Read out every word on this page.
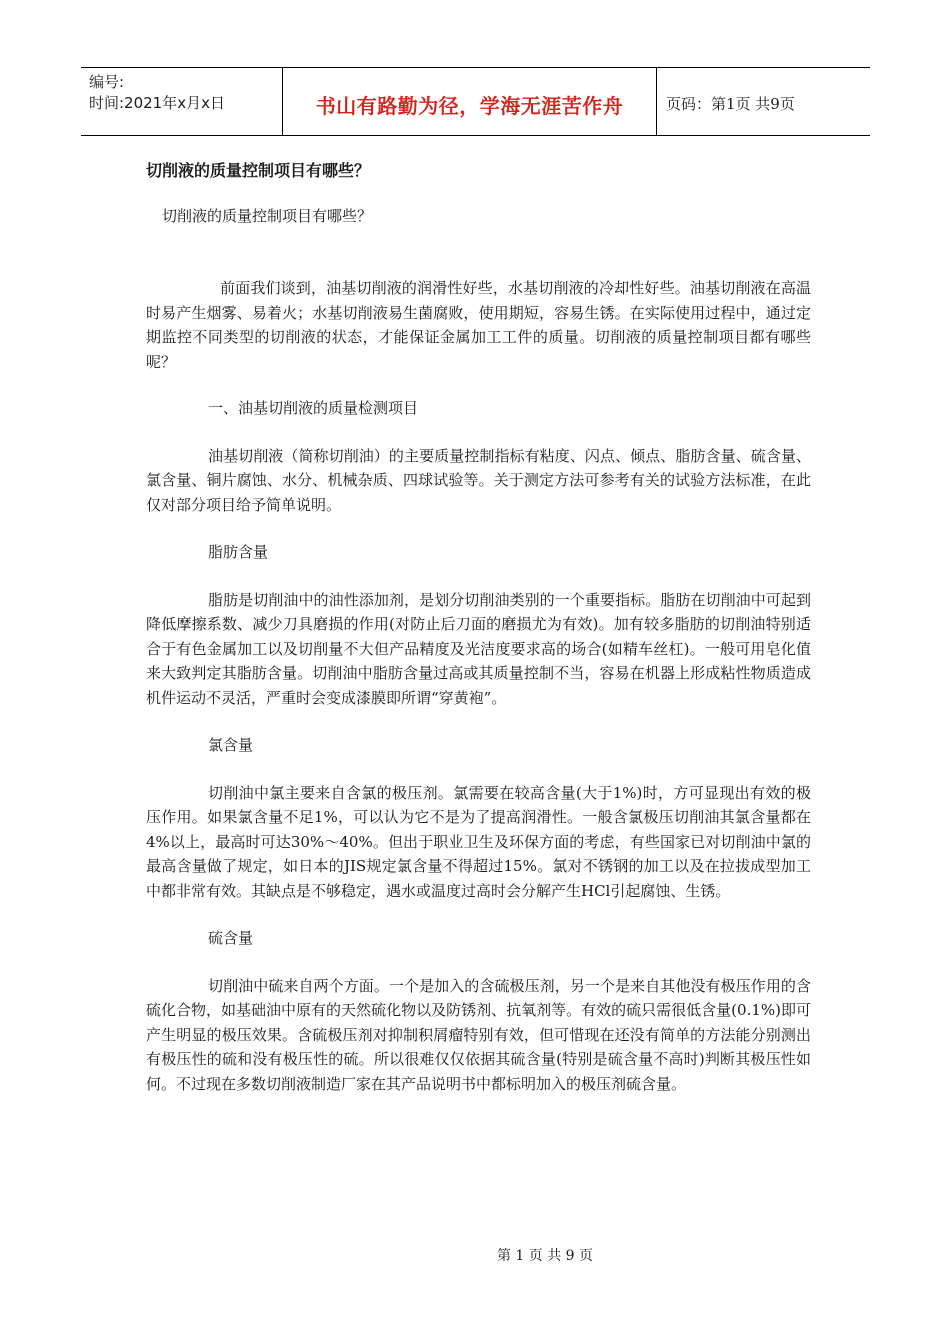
编号:
时间:2021年x月x日	书山有路勤为径，学海无涯苦作舟	页码：第1页 共9页
切削液的质量控制项目有哪些？
切削液的质量控制项目有哪些？

前面我们谈到，油基切削液的润滑性好些，水基切削液的冷却性好些。油基切削液在高温时易产生烟雾、易着火；水基切削液易生菌腐败，使用期短，容易生锈。在实际使用过程中，通过定期监控不同类型的切削液的状态，才能保证金属加工工件的质量。切削液的质量控制项目都有哪些呢？

一、油基切削液的质量检测项目

油基切削液（简称切削油）的主要质量控制指标有粘度、闪点、倾点、脂肪含量、硫含量、氯含量、铜片腐蚀、水分、机械杂质、四球试验等。关于测定方法可参考有关的试验方法标准，在此仅对部分项目给予简单说明。

脂肪含量

脂肪是切削油中的油性添加剂，是划分切削油类别的一个重要指标。脂肪在切削油中可起到降低摩擦系数、减少刀具磨损的作用(对防止后刀面的磨损尤为有效)。加有较多脂肪的切削油特别适合于有色金属加工以及切削量不大但产品精度及光洁度要求高的场合(如精车丝杠)。一般可用皂化值来大致判定其脂肪含量。切削油中脂肪含量过高或其质量控制不当，容易在机器上形成粘性物质造成机件运动不灵活，严重时会变成漆膜即所谓“穿黄袍”。

氯含量

切削油中氯主要来自含氯的极压剂。氯需要在较高含量(大于1%)时，方可显现出有效的极压作用。如果氯含量不足1%，可以认为它不是为了提高润滑性。一般含氯极压切削油其氯含量都在4%以上，最高时可达30%～40%。但出于职业卫生及环保方面的考虑，有些国家已对切削油中氯的最高含量做了规定，如日本的JIS规定氯含量不得超过15%。氯对不锈钢的加工以及在拉拔成型加工中都非常有效。其缺点是不够稳定，遇水或温度过高时会分解产生HCl引起腐蚀、生锈。

硫含量

切削油中硫来自两个方面。一个是加入的含硫极压剂，另一个是来自其他没有极压作用的含硫化合物，如基础油中原有的天然硫化物以及防锈剂、抗氧剂等。有效的硫只需很低含量(0.1%)即可产生明显的极压效果。含硫极压剂对抑制积屑瘤特别有效，但可惜现在还没有简单的方法能分别测出有极压性的硫和没有极压性的硫。所以很难仅仅依据其硫含量(特别是硫含量不高时)判断其极压性如何。不过现在多数切削液制造厂家在其产品说明书中都标明加入的极压剂硫含量。

第 1 页 共 9 页
